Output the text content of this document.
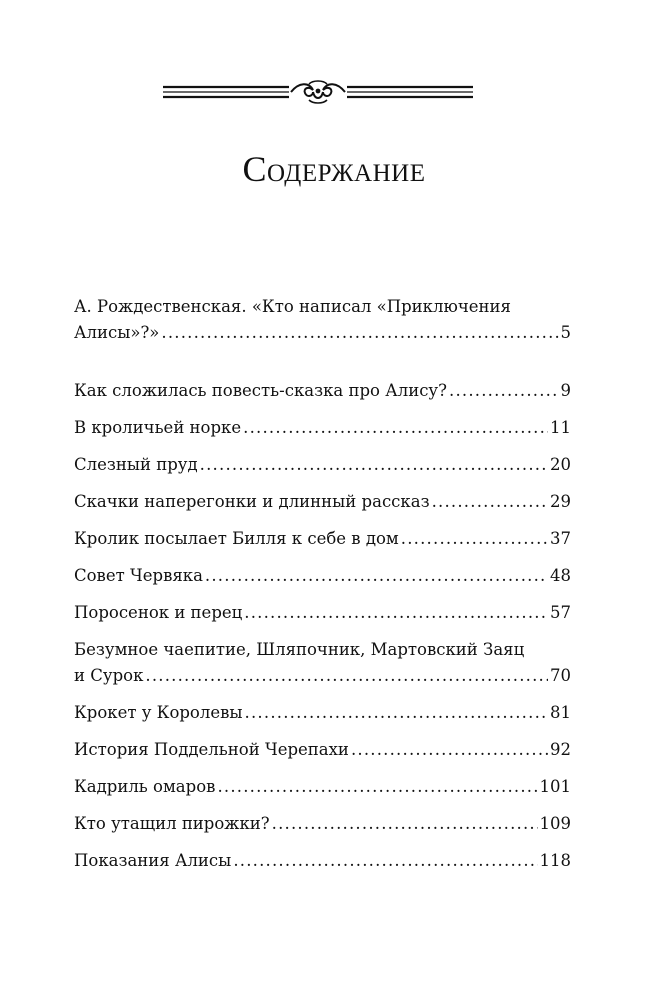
Содержание
А. Рождественская. «Кто написал «Приключения
Алисы»?» .....	5
Как сложилась повесть-сказка про Алису? .....	9
В кроличьей норке .....	11
Слезный пруд .....	20
Скачки наперегонки и длинный рассказ .....	29
Кролик посылает Билля к себе в дом .....	37
Совет Червяка .....	48
Поросенок и перец .....	57
Безумное чаепитие, Шляпочник, Мартовский Заяц
и Сурок .....	70
Крокет у Королевы .....	81
История Поддельной Черепахи .....	92
Кадриль омаров .....	101
Кто утащил пирожки? .....	109
Показания Алисы .....	118
